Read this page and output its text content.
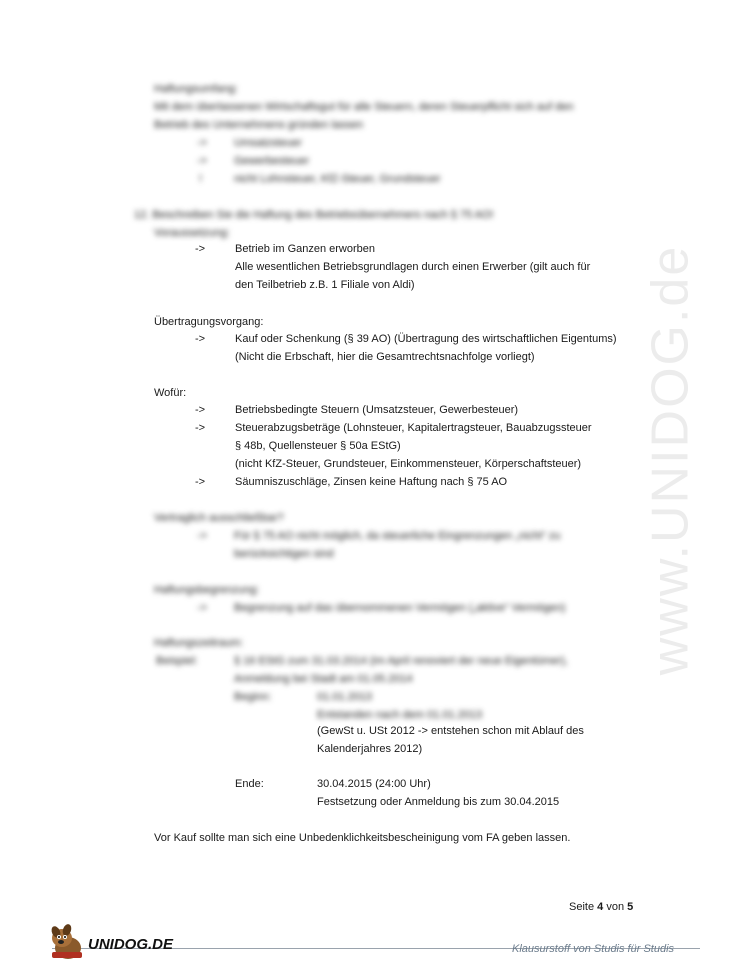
www.UNIDOG.de
Haftungsumfang:
Mit dem überlassenen Wirtschaftsgut für alle Steuern, deren Steuerpflicht sich auf den
Betrieb des Unternehmens gründen lassen
-> Umsatzsteuer
-> Gewerbesteuer
!	nicht Lohnsteuer, KfZ-Steuer, Grundsteuer
12. Beschreiben Sie die Haftung des Betriebsübernehmers nach § 75 AO!
Voraussetzung:
->	Betrieb im Ganzen erworben
Alle wesentlichen Betriebsgrundlagen durch einen Erwerber (gilt auch für
den Teilbetrieb z.B. 1 Filiale von Aldi)
Übertragungsvorgang:
->	Kauf oder Schenkung (§ 39 AO) (Übertragung des wirtschaftlichen Eigentums)
(Nicht die Erbschaft, hier die Gesamtrechtsnachfolge vorliegt)
Wofür:
->	Betriebsbedingte Steuern (Umsatzsteuer, Gewerbesteuer)
->	Steuerabzugsbeträge (Lohnsteuer, Kapitalertragsteuer, Bauabzugssteuer
§ 48b, Quellensteuer § 50a EStG)
(nicht KfZ-Steuer, Grundsteuer, Einkommensteuer, Körperschaftsteuer)
->	Säumniszuschläge, Zinsen keine Haftung nach § 75 AO
Vertraglich ausschließbar?
-> Für § 75 AO nicht möglich, da steuerliche Eingrenzungen „nicht“ zu
berücksichtigen sind
Haftungsbegrenzung:
-> Begrenzung auf das übernommenen Vermögen („aktive“ Vermögen)
Haftungszeitraum:
Beispiel:	§ 16 EStG zum 31.03.2014 (im April renoviert der neue Eigentümer),
Anmeldung bei Stadt am 01.05.2014
Beginn:	01.01.2013
Entstanden nach dem 01.01.2013
(GewSt u. USt 2012 -> entstehen schon mit Ablauf des
Kalenderjahres 2012)
Ende:	30.04.2015 (24:00 Uhr)
Festsetzung oder Anmeldung bis zum 30.04.2015
Vor Kauf sollte man sich eine Unbedenklichkeitsbescheinigung vom FA geben lassen.
Seite 4 von 5
UNIDOG.DE	Klausurstoff von Studis für Studis
